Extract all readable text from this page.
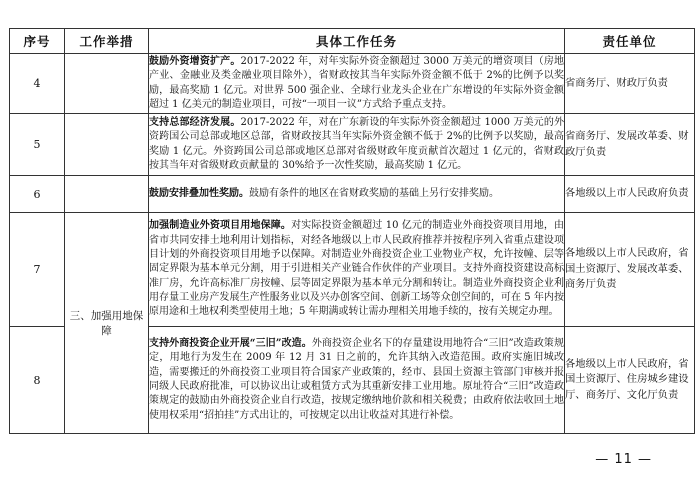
序号	工作举措	具体工作任务	责任单位
4		鼓励外资增资扩产。2017-2022 年，对年实际外资金额超过 3000 万美元的增资项目（房地产业、金融业及类金融业项目除外），省财政按其当年实际外资金额不低于 2%的比例予以奖励，最高奖励 1 亿元。对世界 500 强企业、全球行业龙头企业在广东增设的年实际外资金额超过 1 亿美元的制造业项目，可按“一项目一议”方式给予重点支持。	省商务厅、财政厅负责
5		支持总部经济发展。2017-2022 年，对在广东新设的年实际外资金额超过 1000 万美元的外资跨国公司总部或地区总部，省财政按其当年实际外资金额不低于 2%的比例予以奖励，最高奖励 1 亿元。外资跨国公司总部或地区总部对省级财政年度贡献首次超过 1 亿元的，省财政按其当年对省级财政贡献量的 30%给予一次性奖励，最高奖励 1 亿元。	省商务厅、发展改革委、财政厅负责
6		鼓励安排叠加性奖励。鼓励有条件的地区在省财政奖励的基础上另行安排奖励。	各地级以上市人民政府负责
7	三、加强用地保障	加强制造业外资项目用地保障。对实际投资金额超过 10 亿元的制造业外商投资项目用地，由省市共同安排土地利用计划指标，对经各地级以上市人民政府推荐并按程序列入省重点建设项目计划的外商投资项目用地予以保障。对制造业外商投资企业工业物业产权，允许按幢、层等固定界限为基本单元分割，用于引进相关产业链合作伙伴的产业项目。支持外商投资建设高标准厂房，允许高标准厂房按幢、层等固定界限为基本单元分割和转让。制造业外商投资企业利用存量工业房产发展生产性服务业以及兴办创客空间、创新工场等众创空间的，可在 5 年内按原用途和土地权利类型使用土地；5 年期满或转让需办理相关用地手续的，按有关规定办理。	各地级以上市人民政府，省国土资源厅、发展改革委、商务厅负责
8		支持外商投资企业开展“三旧”改造。外商投资企业名下的存量建设用地符合“三旧”改造政策规定，用地行为发生在 2009 年 12 月 31 日之前的，允许其纳入改造范围。政府实施旧城改造，需要搬迁的外商投资工业项目符合国家产业政策的，经市、县国土资源主管部门审核并报同级人民政府批准，可以协议出让或租赁方式为其重新安排工业用地。原址符合“三旧”改造政策规定的鼓励由外商投资企业自行改造，按规定缴纳地价款和相关税费；由政府依法收回土地使用权采用“招拍挂”方式出让的，可按规定以出让收益对其进行补偿。	各地级以上市人民政府，省国土资源厅、住房城乡建设厅、商务厅、文化厅负责
— 11 —
